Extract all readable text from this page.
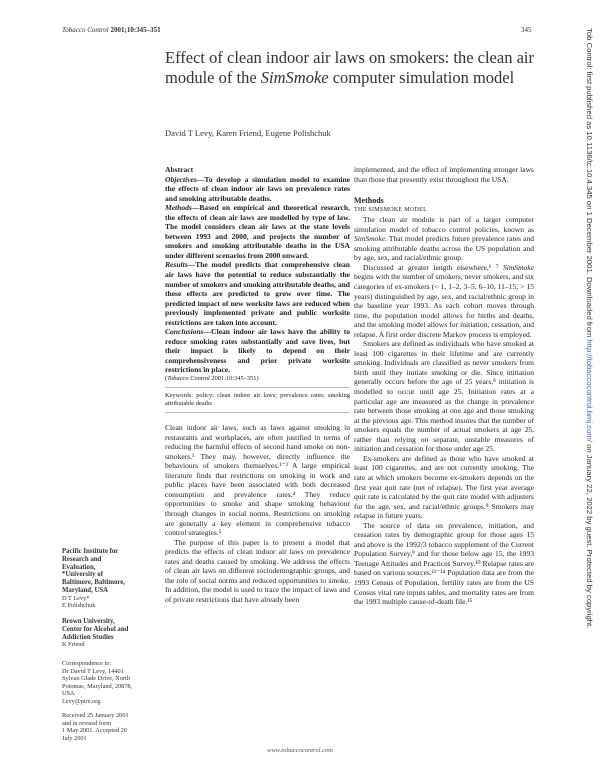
Tobacco Control 2001;10:345–351	345
Effect of clean indoor air laws on smokers: the clean air module of the SimSmoke computer simulation model
David T Levy, Karen Friend, Eugene Polishchuk

Abstract

Objectives—To develop a simulation model to examine the effects of clean indoor air laws on prevalence rates and smoking attributable deaths.

Methods—Based on empirical and theoretical research, the effects of clean air laws are modelled by type of law. The model considers clean air laws at the state levels between 1993 and 2000, and projects the number of smokers and smoking attributable deaths in the USA under different scenarios from 2000 onward.

Results—The model predicts that comprehensive clean air laws have the potential to reduce substantially the number of smokers and smoking attributable deaths, and these effects are predicted to grow over time. The predicted impact of new worksite laws are reduced when previously implemented private and public worksite restrictions are taken into account.

Conclusions—Clean indoor air laws have the ability to reduce smoking rates substantially and save lives, but their impact is likely to depend on their comprehensiveness and prior private worksite restrictions in place.

(Tobacco Control 2001;10:345–351)

Keywords: policy; clean indoor air laws; prevalence rates; smoking attributable deaths

Clean indoor air laws, such as laws against smoking in restaurants and workplaces, are often justified in terms of reducing the harmful effects of second hand smoke on non-smokers.¹ They may, however, directly influence the behaviours of smokers themselves.¹⁻³ A large empirical literature finds that restrictions on smoking in work and public places have been associated with both decreased consumption and prevalence rates.⁴ They reduce opportunities to smoke and shape smoking behaviour through changes in social norms. Restrictions on smoking are generally a key element in comprehensive tobacco control strategies.⁵

The purpose of this paper is to present a model that predicts the effects of clean indoor air laws on prevalence rates and deaths caused by smoking. We address the effects of clean air laws on different sociodemographic groups, and the role of social norms and reduced opportunities to smoke. In addition, the model is used to trace the impact of laws and of private restrictions that have already been

implemented, and the effect of implementing stronger laws than those that presently exist throughout the USA.

Methods

THE SIMSMOKE MODEL

The clean air module is part of a larger computer simulation model of tobacco control policies, known as SimSmoke. That model predicts future prevalence rates and smoking attributable deaths across the US population and by age, sex, and racial/ethnic group.

Discussed at greater length elsewhere,⁶ ⁷ SimSmoke begins with the number of smokers, never smokers, and six categories of ex-smokers (< 1, 1–2, 3–5, 6–10, 11–15, > 15 years) distinguished by age, sex, and racial/ethnic group in the baseline year 1993. As each cohort moves through time, the population model allows for births and deaths, and the smoking model allows for initiation, cessation, and relapse. A first order discrete Markov process is employed.

Smokers are defined as individuals who have smoked at least 100 cigarettes in their lifetime and are currently smoking. Individuals are classified as never smokers from birth until they initiate smoking or die. Since initiation generally occurs before the age of 25 years,⁸ initiation is modelled to occur until age 25. Initiation rates at a particular age are measured as the change in prevalence rate between those smoking at one age and those smoking at the previous age. This method insures that the number of smokers equals the number of actual smokers at age 25, rather than relying on separate, unstable measures of initiation and cessation for those under age 25.

Ex-smokers are defined as those who have smoked at least 100 cigarettes, and are not currently smoking. The rate at which smokers become ex-smokers depends on the first year quit rate (net of relapse). The first year average quit rate is calculated by the quit rate model with adjusters for the age, sex, and racial/ethnic groups.⁹ Smokers may relapse in future years.

The source of data on prevalence, initiation, and cessation rates by demographic group for those ages 15 and above is the 1992/3 tobacco supplement of the Current Population Survey,⁹ and for those below age 15, the 1993 Teenage Attitudes and Practices Survey.¹⁰ Relapse rates are based on various sources.¹¹⁻¹⁴ Population data are from the 1993 Census of Population, fertility rates are from the US Census vital rate inputs tables, and mortality rates are from the 1993 multiple cause-of-death file.¹⁵

Pacific Institute for
Research and
Evaluation,
*University of
Baltimore, Baltimore,
Maryland, USA
D T Levy*
E Polishchuk
Brown University,
Center for Alcohol and
Addiction Studies
K Friend
Correspondence to:
Dr David T Levy, 14401
Sylvan Glade Drive, North
Potomac, Maryland, 20878,
USA
Levy@pire.org
Received 25 January 2001
and in revised form
1 May 2001. Accepted 26
July 2001
www.tobaccocontrol.com
Tob Control: first published as 10.1136/tc.10.4.345 on 1 December 2001. Downloaded from http://tobaccocontrol.bmj.com/ on January 22, 2022 by guest. Protected by copyright.
